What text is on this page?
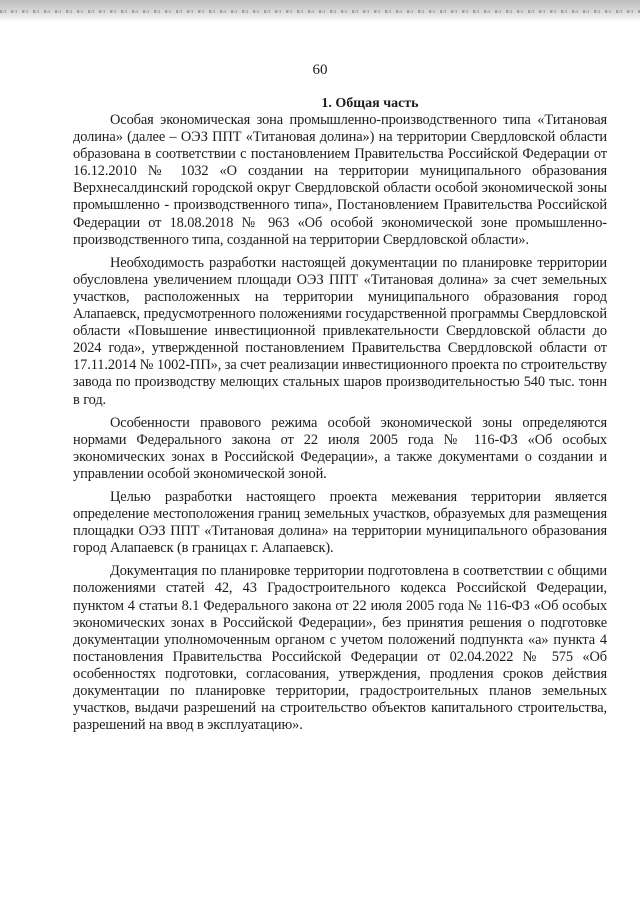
60
1. Общая часть

Особая экономическая зона промышленно-производственного типа «Титановая долина» (далее – ОЭЗ ППТ «Титановая долина») на территории Свердловской области образована в соответствии с постановлением Правительства Российской Федерации от 16.12.2010 № 1032 «О создании на территории муниципального образования Верхнесалдинский городской округ Свердловской области особой экономической зоны промышленно - производственного типа», Постановлением Правительства Российской Федерации от 18.08.2018 № 963 «Об особой экономической зоне промышленно-производственного типа, созданной на территории Свердловской области».

Необходимость разработки настоящей документации по планировке территории обусловлена увеличением площади ОЭЗ ППТ «Титановая долина» за счет земельных участков, расположенных на территории муниципального образования город Алапаевск, предусмотренного положениями государственной программы Свердловской области «Повышение инвестиционной привлекательности Свердловской области до 2024 года», утвержденной постановлением Правительства Свердловской области от 17.11.2014 № 1002-ПП», за счет реализации инвестиционного проекта по строительству завода по производству мелющих стальных шаров производительностью 540 тыс. тонн в год.

Особенности правового режима особой экономической зоны определяются нормами Федерального закона от 22 июля 2005 года № 116-ФЗ «Об особых экономических зонах в Российской Федерации», а также документами о создании и управлении особой экономической зоной.

Целью разработки настоящего проекта межевания территории является определение местоположения границ земельных участков, образуемых для размещения площадки ОЭЗ ППТ «Титановая долина» на территории муниципального образования город Алапаевск (в границах г. Алапаевск).

Документация по планировке территории подготовлена в соответствии с общими положениями статей 42, 43 Градостроительного кодекса Российской Федерации, пунктом 4 статьи 8.1 Федерального закона от 22 июля 2005 года № 116-ФЗ «Об особых экономических зонах в Российской Федерации», без принятия решения о подготовке документации уполномоченным органом с учетом положений подпункта «а» пункта 4 постановления Правительства Российской Федерации от 02.04.2022 № 575 «Об особенностях подготовки, согласования, утверждения, продления сроков действия документации по планировке территории, градостроительных планов земельных участков, выдачи разрешений на строительство объектов капитального строительства, разрешений на ввод в эксплуатацию».
